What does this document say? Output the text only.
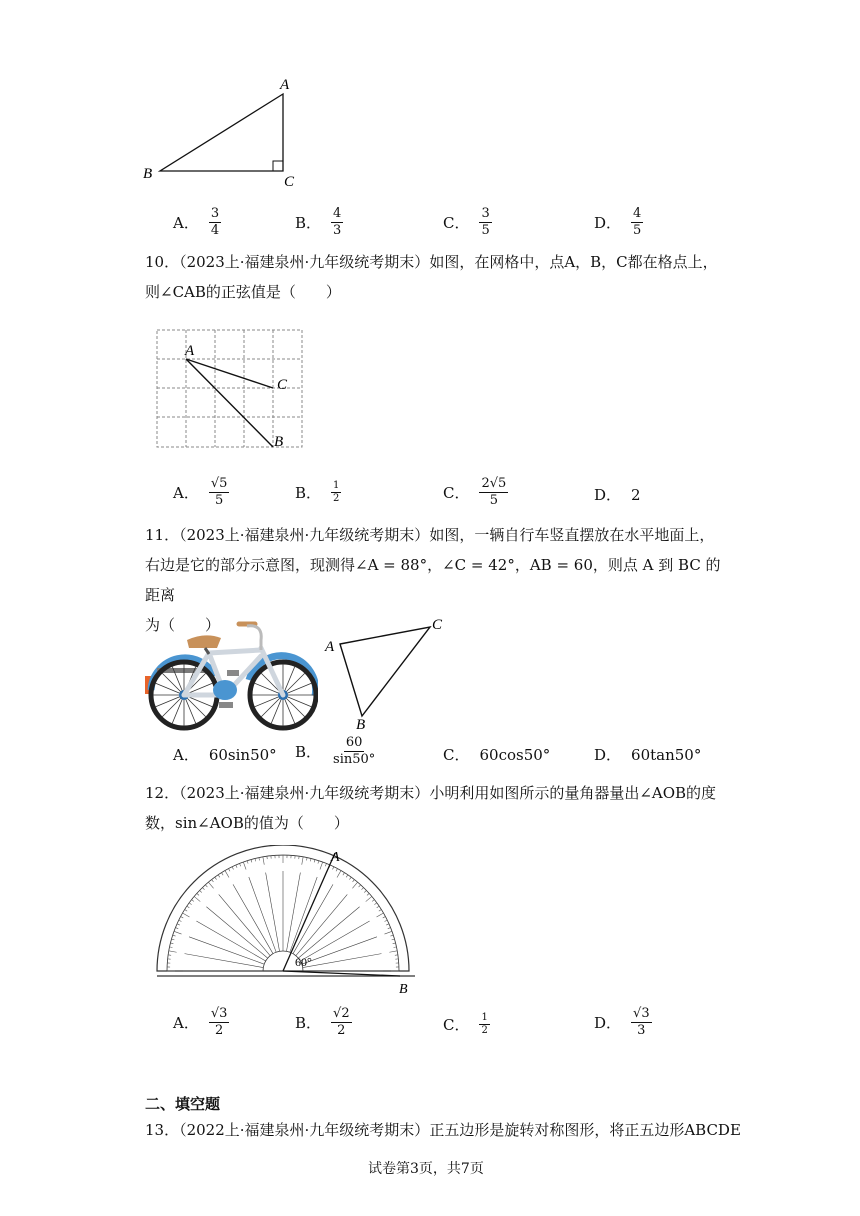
A
B	C
A． $\frac{3}{4}$	B． $\frac{4}{3}$	C． $\frac{3}{5}$	D． $\frac{4}{5}$
10．（2023上·福建泉州·九年级统考期末）如图，在网格中，点A，B，C都在格点上，
则∠CAB的正弦值是（　　）
A
C
B
A． $\frac{√5}{5}$	B． $\frac{1}{2}$	C． $\frac{2√5}{5}$	D． 2
11．（2023上·福建泉州·九年级统考期末）如图，一辆自行车竖直摆放在水平地面上，
右边是它的部分示意图，现测得∠A = 88°，∠C = 42°，AB = 60，则点 A 到 BC 的距离
为（　　）
A
C
B
A． 60sin50° B． $\frac{60}{\sin 50^\circ}$	C． 60cos50°	D． 60tan50°
12．（2023上·福建泉州·九年级统考期末）小明利用如图所示的量角器量出∠AOB的度
数，sin∠AOB的值为（　　）
60°
A
B
A． $\frac{√3}{2}$	B． $\frac{√2}{2}$	C． $\frac{1}{2}$	D． $\frac{√3}{3}$
二、填空题
13．（2022上·福建泉州·九年级统考期末）正五边形是旋转对称图形，将正五边形ABCDE
试卷第3页，共7页
